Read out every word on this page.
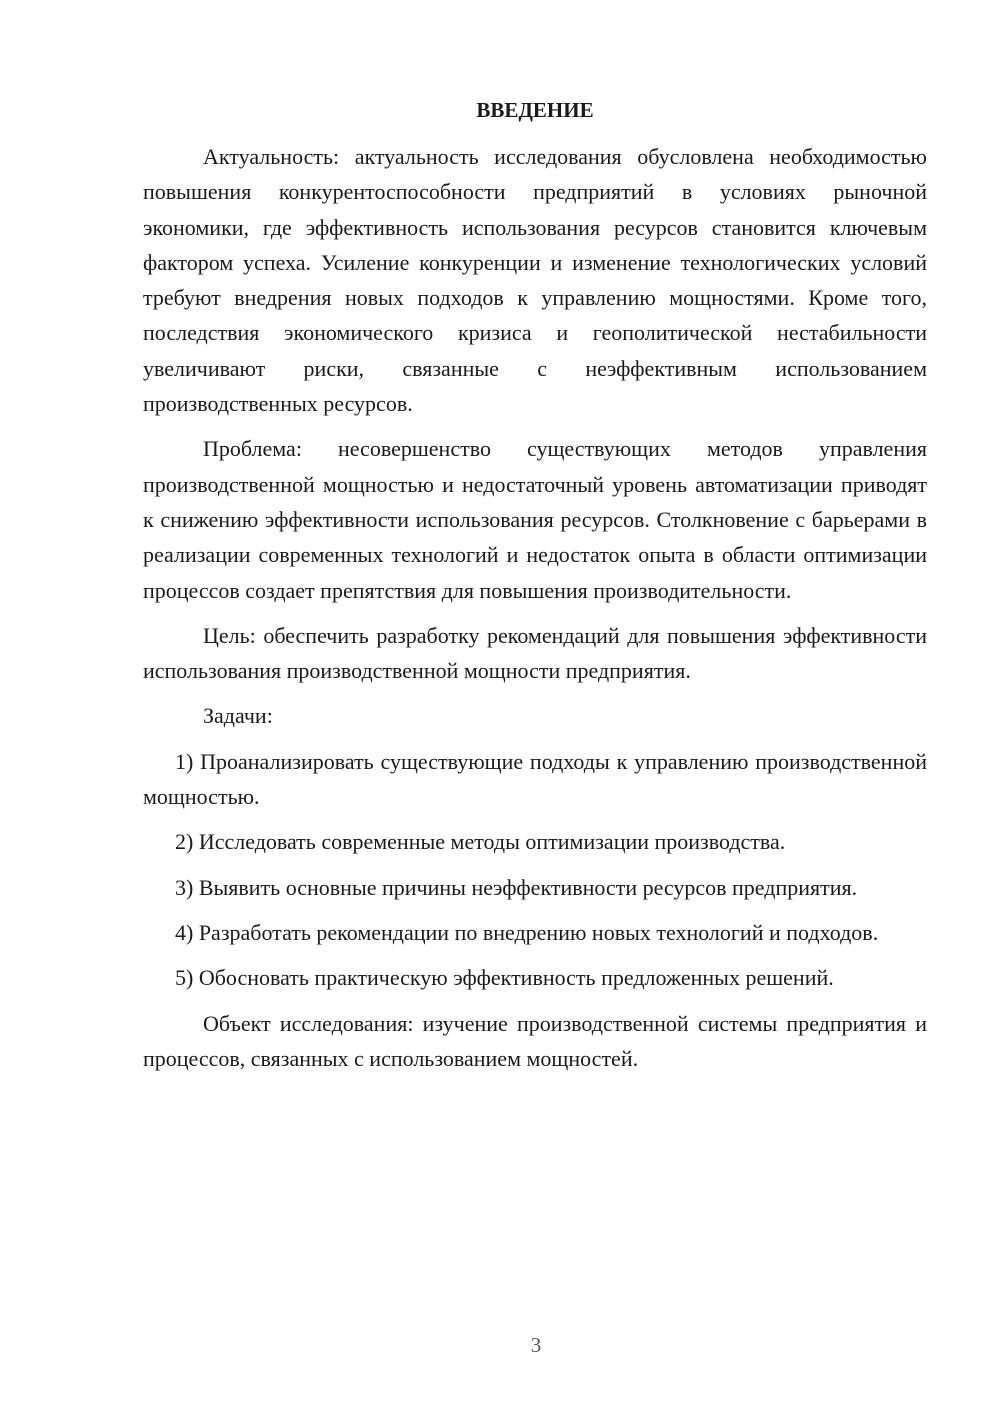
ВВЕДЕНИЕ

Актуальность: актуальность исследования обусловлена необходимостью повышения конкурентоспособности предприятий в условиях рыночной экономики, где эффективность использования ресурсов становится ключевым фактором успеха. Усиление конкуренции и изменение технологических условий требуют внедрения новых подходов к управлению мощностями. Кроме того, последствия экономического кризиса и геополитической нестабильности увеличивают риски, связанные с неэффективным использованием производственных ресурсов.

Проблема: несовершенство существующих методов управления производственной мощностью и недостаточный уровень автоматизации приводят к снижению эффективности использования ресурсов. Столкновение с барьерами в реализации современных технологий и недостаток опыта в области оптимизации процессов создает препятствия для повышения производительности.

Цель: обеспечить разработку рекомендаций для повышения эффективности использования производственной мощности предприятия.

Задачи:

1) Проанализировать существующие подходы к управлению производственной мощностью.

2) Исследовать современные методы оптимизации производства.

3) Выявить основные причины неэффективности ресурсов предприятия.

4) Разработать рекомендации по внедрению новых технологий и подходов.

5) Обосновать практическую эффективность предложенных решений.

Объект исследования: изучение производственной системы предприятия и процессов, связанных с использованием мощностей.

3
